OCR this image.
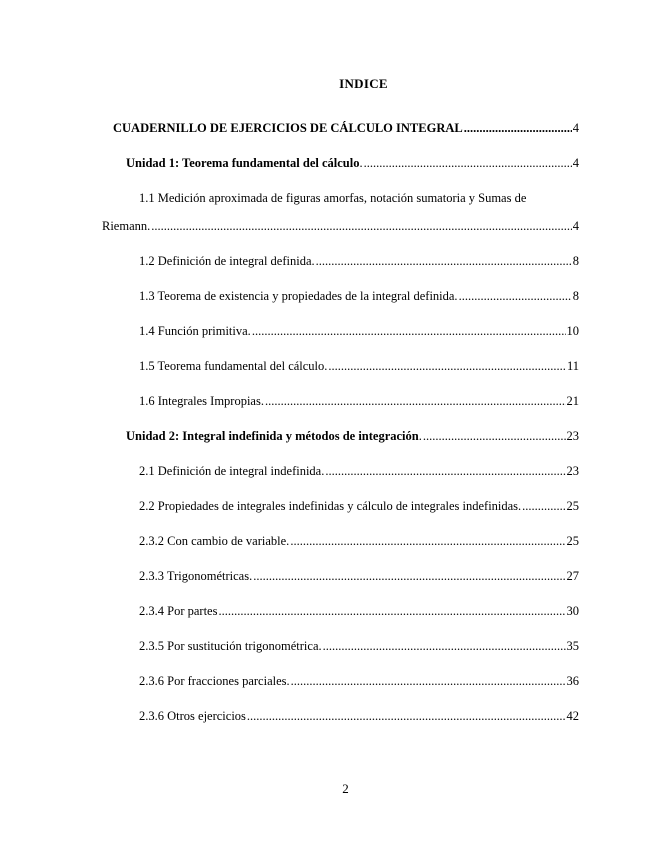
INDICE
CUADERNILLO DE EJERCICIOS DE CÁLCULO INTEGRAL .....	4
Unidad 1: Teorema fundamental del cálculo . .....	4
1.1 Medición aproximada de figuras amorfas, notación sumatoria y Sumas de
Riemann. .....	4
1.2 Definición de integral definida. .....	8
1.3 Teorema de existencia y propiedades de la integral definida. .....	8
1.4 Función primitiva. .....	10
1.5 Teorema fundamental del cálculo. .....	11
1.6 Integrales Impropias. .....	21
Unidad 2: Integral indefinida y métodos de integración . .....	23
2.1 Definición de integral indefinida. .....	23
2.2 Propiedades de integrales indefinidas y cálculo de integrales indefinidas. .....	25
2.3.2 Con cambio de variable. .....	25
2.3.3 Trigonométricas. .....	27
2.3.4 Por partes .....	30
2.3.5 Por sustitución trigonométrica. .....	35
2.3.6 Por fracciones parciales. .....	36
2.3.6 Otros ejercicios .....	42
2
